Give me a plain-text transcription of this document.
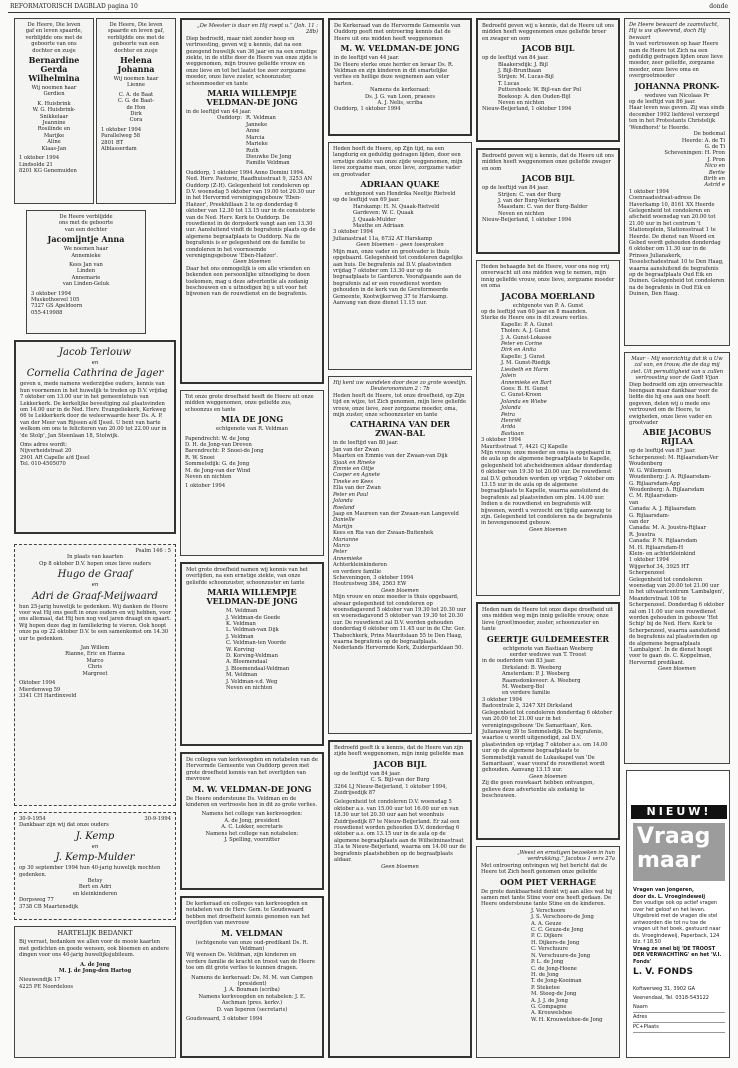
REFORMATORISCH DAGBLAD pagina 10	donde
De Heere, Die leven
gaf en leven spaarde,
verblijdde ons met de
geboorte van ons
dochter en zusje
Bernardine Gerda Wilhelmina
Wij noemen haar
Gerdien
K. Huisbrink
W. G. Huisbrink-
Snikkelaar
Jeannine
Rosilinde en
Marijke
Aline
Klaas-Jan
1 oktober 1994
Lindsolde 21
8201 KG Genemuiden
De Heere, Die leven
spaarde en leven gaf,
verblijdde ons met de
geboorte van een
dochter en zusje
Helena Johanna
Wij noemen haar
Lienne
C. A. de Baat
C. G. de Baat-
de Hon
Dirk
Cora
1 oktober 1994
Parallelweg 58
2801 BT
Alblasserdam
De Heere verblijdde
ons met de geboorte
van een dochter
Jacomijntje Anna
We noemen haar
Annemieke
Kees Jan van
Linden
Annemarie
van Linden-Geluk
3 oktober 1994
Muskothoevel 105
7327 GS Apeldoorn
055-419988
Jacob Terlouw
en
Cornelia Cathrina de Jager
geven u, mede namens wederzijdse ouders, kennis van hun voornemen in het huwelijk te treden op D.V. vrijdag 7 oktober om 13.00 uur in het gemeentehuis van Lekkerkerk. De kerkelijke bevestiging zal plaatsvinden om 14.00 uur in de Ned. Herv. Evangeliekerk, Kerkweg 66 te Lekkerkerk door de weleerwaarde heer Ds. A. P. van der Meer van Rijssen a/d IJssel. U bent van harte welkom om ons te feliciteren van 20.00 tot 22.00 uur in 'de Stolp', Jan Steenlaan 18, Stolwijk.
Oms adres wordt:
Nijverheidstraat 20
2901 AR Capelle a/d IJssel
Tel. 010-4505070
Psalm 146 : 5
In plaats van kaarten
Op 8 oktober D.V. hopen onze lieve ouders
Hugo de Graaf
en
Adri de Graaf-Meijwaard
hun 25-jarig huwelijk te gedenken. Wij danken de Heere voor wat Hij ons geeft in onze ouders en wij hebben, voor ons allemaal, dat Hij hen nog veel jaren draagt en spaart. Wij hopen deze dag in familiekring te vieren. Ook hoopt onze pa op 22 oktober D.V. te een samenkomst om 14.30 uur te gedenken.
Jan Willem
Rianne, Eric en Hanna
Marco
Chris
Margreet
Oktober 1994
Mierdenweg 59
3341 CH Hardinxveld
30-9-1954	30-9-1994
Dankbaar zijn wij dat onze ouders
J. Kemp
en
J. Kemp-Mulder
op 30 september 1994 hun 40-jarig huwelijk mochten gedenken.
Betsy
Bert en Adri
en kleinkinderen
Dorpsweg 77
3738 CB Maartensdijk
HARTELIJK BEDANKT
Bij verrast, bedanken we allen voor de mooie kaarten met gedichten en goede wensen, ook bloemen en andere dingen voor ons 40-jarig huwelijksjubileum.
A. de Jong
M. J. de Jong-den Hartog
Nieuwendijk 17
4225 PE Noordeloos
„De Meester is daar en Hij roept u.” (Joh. 11 : 28b)
Diep bedroefd, maar niet zonder hoop en vertroosting, geven wij u kennis, dat na een gezegend huwelijk van 36 jaar en na een ernstige ziekte, in de stilte door de Heere van onze zijde is weggenomen, mijn trouwe geliefde vrouw en onze lieve en tot het laatst toe zeer zorgzame moeder, onze lieve zuster, schoonzuster, schoonmoeder en tante
MARIA WILLEMPJE VELDMAN-DE JONG
in de leeftijd van 44 jaar.
Ouddorp: R. Veldman
Janneke
Anne
Marcia
Marieke
Ruth
Dieuwke De Jong
Familie Veldman
Ouddorp, 1 oktober 1994 Anno Domini 1994. Ned. Herv. Pastorie, Raadhuisstraat 9, 3253 AN Ouddorp (Z-H). Gelegenheid tot condoleren op D.V. woensdag 5 oktober van 19.00 tot 20.30 uur in het Hervormd verenigingsgebouw 'Eben-Haëzer', Preekhillaan 2 te op donderdag 6 oktober van 12.30 tot 13.15 uur in de consistorie van de Ned. Herv. Kerk te Ouddorp. De rouwdienst in de dorpskerk vangt aan om 13.30 uur. Aansluitend vindt de begrafenis plaats op de algemene begraafplaats te Ouddorp. Na de begrafenis is er gelegenheid om de familie te condoleren in het voornoemde verenigingsgebouw 'Eben-Haëzer'.
Geen bloemen
Daar het ons onmogelijk is om alle vrienden en bekenden een persoonlijke uitnodiging te doen toekomen, mag u deze advertentie als zodanig beschouwen en u uitnodigen bij u uit voor het bijwonen van de rouwdienst en de begrafenis.
Tot onze grote droefheid heeft de Heere uit onze midden weggenomen, onze geliefde zus, schoonzus en tante
MIA DE JONG
echtgenote van R. Veldman
Papendrecht: W. de Jong
D. H. de Jong-van Dreven
Barendrecht: P. Snoei-de Jong
R. W. Snoei
Sommelsdijk: G. de Jong
M. de Jong-van der Wind
Neven en nichten
1 oktober 1994
Met grote droefheid namen wij kennis van het overlijden, na een ernstige ziekte, van onze geliefde schoonzuster, schoonzuster en tante
MARIA WILLEMPJE VELDMAN-DE JONG
M. Veldman
J. Veldman-de Goede
K. Veldman
L. Veldman-van Dijk
J. Veldman
C. Veldman-ten Voorde
W. Korving
D. Korving-Veldman
A. Bloemendaal
J. Bloemendaal-Veldman
M. Veldman
J. Veldman-v.d. Weg
Neven en nichten
De colleges van kerkvoogden en notabelen van de Hervormde Gemeente van Ouddorp geven met grote droefheid kennis van het overlijden van mevrouw
M. W. VELDMAN-DE JONG
De Heere ondersteune Ds. Veldman en de kinderen en vertrooste hen in dit zo grote verlies.
Namens het college van kerkvoogden:
A. de Jong, president
A. C. Lokker, secretaris
Namens het college van notabelen:
J. Spelling, voorzitter
De kerkeraad en colleges van kerkvoogden en notabelen van de Herv. Gem. te Goudswaard hebben met droefheid kennis genomen van het overlijden van mevrouw
M. VELDMAN
(echtgenote van onze oud-predikant Ds. R. Veldman)
Wij wensen Ds. Veldman, zijn kinderen en verdere familie de kracht en troost van de Heere toe om dit grote verlies te kunnen dragen.
Namens de kerkeraad: Ds. M. M. van Campen (president)
J. A. Bouman (scriba)
Namens kerkvoogden en notabelen: J. E. Aschman (pres. kerkv.)
D. van Ieperen (secretaris)
Goudswaard, 3 oktober 1994
De Kerkeraad van de Hervormde Gemeente van Ouddorp geeft met ontroering kennis dat de Heere uit ons midden heeft weggenomen
M. W. VELDMAN-DE JONG
in de leeftijd van 44 jaar.
De Heere sterke onze herder en leraar Ds. R. Veldman en zijn kinderen in dit smartelijke verlies en heilige deze wegnemen aan veler harten.
Namens de kerkeraad:
Ds. J. G. van Loon, praeses
A. J. Nelis, scriba
Ouddorp, 1 oktober 1994
Heden heeft de Heere, op Zijn tijd, na een langdurig en geduldig gedragen lijden, door een ernstige ziekte van onze zijde weggenomen, mijn lieve zorgzame man, onze lieve, zorgzame vader en grootvader
ADRIAAN QUAKE
echtgenoot van Hendrika Neeltje Rietveld
op de leeftijd van 69 jaar.
Harskamp: H. N. Quaak-Rietveld
Gardeven: W. C. Quaak
J. Quaak-Mulder
Mauthe en Adriaan
3 oktober 1994
Julianastraat 11a, 6732 AT Harskamp
Geen bloemen – geen toespraken
Mijn man, onze vader en grootvader is thuis opgebaard. Gelegenheid tot condoleren dagelijks aan huis. De begrafenis zal D.V. plaatsvinden vrijdag 7 oktober om 13.30 uur op de begraafplaats te Garderen. Voorafgaande aan de begrafenis zal er een rouwdienst worden gehouden in de kerk van de Gereformeerde Gemeente, Kootwijkerweg 37 te Harskamp. Aanvang van deze dienst 11.15 uur.
Hij kent uw wandelen door deze zo grote woestijn. Deuteronomium 2 : 7b
Heden heeft de Heere, tot onze droefheid, op Zijn tijd en wijze, tot Zich genomen, mijn lieve geliefde vrouw, onze lieve, zeer zorgzame moeder, oma, mijn zuster, onze schoonzuster en tante
CATHARINA VAN DER ZWAN-BAL
in de leeftijd van 80 jaar.
Jan van der Zwan
Maarten en Emmie van der Zwaan-van Dijk
Sjaak en Rineke
Emmie en Ottje
Casper en Agnete
Tineke en Kees
Ella van der Zwan
Peter en Paul
Jolanda
Roeland
Jaap en Maureen van der Zwaan-van Langeveld
Danielle
Martijn
Kees en Ria van der Zwaan-Buitenhek
Marianne
Marco
Peter
Annemieke
Achterkleinkinderen
en verdere familie
Scheveningen, 3 oktober 1994
Houtrustweg 384, 2563 EW
Geen bloemen
Mijn vrouw en onze moeder is thuis opgebaard, alwaar gelegenheid tot condoleren op woensdagavond 5 oktober van 19.30 tot 20.30 uur en woensdagavond 5 oktober van 19.30 tot 20.30 uur. De rouwdienst zal D.V. worden gehouden donderdag 6 oktober om 11.45 uur in de Chr. Ger. Thabochkerk, Prins Mauritslaan 55 te Den Haag, waarna begrafenis op de begraafplaats. Nederlands Hervormde Kerk, Zuiderparklaan 50.
Bedroefd geeft ik u kennis, dat de Heere van zijn zijde heeft weggenomen, mijn innig geliefde man
JACOB BIJL
op de leeftijd van 84 jaar.
C. S. Bijl-van der Burg
3264 LJ Nieuw-Beijerland, 1 oktober 1994, Zuidrijsedijk 87
Gelegenheid tot condoleren D.V. woensdag 5 oktober a.s. van 15.00 uur tot 16.00 uur en van 18.30 uur tot 20.30 uur aan het woonhuis Zuidrijsedijk 87 te Nieuw-Beijerland. Er zal een rouwdienst worden gehouden D.V. donderdag 6 oktober a.s. om 13.15 uur in de aula op de algemene begraafplaats aan de Wilhelminastraat 31a te Nieuw-Beijerland, waarna om 14.00 uur de begrafenis plaatshebben op de begraafplaats aldaar.
Geen bloemen
Bedroefd geven wij u kennis, dat de Heere uit ons midden heeft weggenomen onze geliefde broer en zwager en oom
JACOB BIJL
op de leeftijd van 84 jaar.
Blaakersdijk: J. Bijl
J. Bijl-Brunthaan
Strijen: M. Lucas-Bijl
T. Lucas
Puttershoek: W. Bijl-van der Pol
Boekoop: A. den Ouden-Bijl
Neven en nichten
Nieuw-Beijerland, 1 oktober 1994
Bedroefd geven wij u kennis, dat de Heere uit ons midden heeft weggenomen onze geliefde zwager en oom
JACOB BIJL
op de leeftijd van 84 jaar.
Strijen: C. van der Burg
J. van der Burg-Verkerk
Maasdam: C. van der Burg-Balder
Neven en nichten
Nieuw-Beijerland, 1 oktober 1994
Heden behaagde het de Heere, voor ons nog vrij onverwacht uit ons midden weg te nemen, mijn innig geliefde vrouw, onze lieve, zorgzame moeder en oma
JACOBA MOERLAND
echtgenote van P. A. Gunst
op de leeftijd van 60 jaar en 8 maanden.
Sterke de Heere ons in dit zware verlies.
Kapelle: P. A. Gunst
Tholen: A. J. Gunst
J. A. Gunst-Lokasse
Peter en Corine
Dirk en Anita
Kapelle: J. Gunst
J. M. Gunst-Riedijk
Liesbeth en Harm
Jolein
Annemieke en Bart
Goes: B. H. Gunst
C. Gunst-Kroon
Jolanda en Wiebe
Jolanda
Petra
Henriët
Arida
Bastiaan
3 oktober 1994
Mauritsstraat 7, 4421 CJ Kapelle
Mijn vrouw, onze moeder en oma is opgebaard in de aula op de algemene begraafplaats te Kapelle, gelegenheid tot afscheidnemen aldaar donderdag 6 oktober van 19.30 tot 20.00 uur. De rouwdienst zal D.V. gehouden worden op vrijdag 7 oktober om 13.15 uur in de aula op de algemene begraafplaats te Kapelle, waarna aansluitend de begrafenis zal plaatsvinden om plm. 14.00 uur. Indien u de rouwdienst en begrafenis wilt bijwonen, wordt u verzocht om tijdig aanwezig te zijn. Gelegenheid tot condoleren na de begrafenis in bovengenoemd gebouw.
Geen bloemen
Heden nam de Heere tot onze diepe droefheid uit ons midden weg mijn innig geliefde vrouw, onze lieve (groot)moeder, zuster, schoonzuster en tante
GEERTJE GULDEMEESTER
echtgenote van Bastiaan Weeberg
eerder weduwe van T. Troost
in de ouderdom van 83 jaar.
Dirksland: B. Weeberg
Amsterdam: P. J. Weeberg
Raamsdonksveer: A. Weeberg
M. Weeberg-Bol
en verdere familie
3 oktober 1994
Badcentrale 2, 3247 XH Dirksland
Gelegenheid tot condoleren donderdag 6 oktober van 20.00 tot 21.00 uur in het verenigingsgebouw 'De Samaritaan', Ken. Julianaweg 39 te Sommelsdijk. De begrafenis, waartoe u wordt uitgenodigd, zal D.V. plaatsvinden op vrijdag 7 oktober a.s. om 14.00 uur op de algemene begraafplaats te Sommelsdijk vanuit de Lukaskapel van 'De Samaritaan', waar vooraf de rouwdienst wordt gehouden. Aanvang 13.15 uur.
Geen bloemen
Zij die geen rouwkaart hebben ontvangen, gelieve deze advertentie als zodanig te beschouwen.
„Weest en ernstigen bezoeken in hun verdrukking.” Jacobus 1 vers 27a
Met ontroering ontvingen wij het bericht dat de Heere tot Zich heeft genomen onze geliefde
OOM PIET VERHAGE
De grote dankbaarheid denkt wij aan alles wat hij samen met tante Stine voor ons heeft gedaan. De Heere ondersteune tante Stine en de kinderen.
J. Verschoore
J. S. Verschoore-de Jong
A. A. Geuze
C. C. Geuze-de Jong
P. C. Dijkers
H. Dijkers-de Jong
C. Verschuure
N. Verschuure-de Jong
P. L. de Jong
C. de Jong-Hoene
H. de Jong
T. de Jong-Kooiman
P. Steketee
M. Steeg-de Jong
A. J. J. de Jong
G. Compagne
A. Krouwelshoe
W. H. Krouwelshoe-de Jong
De Heere bewaart de zaamvlucht, Hij is uw afkeerend, doch Hij bewaart
In vast vertrouwen op haar Heere nam de Heere tot Zich na een geduldig gedragen lijden onze lieve moeder, zeer geliefde, zorgzame moeder, onze lieve oma en overgrootmoeder
JOHANNA PRONK-
weduwe van Nicolaas Pr
op de leeftijd van 86 jaar.
Haar leven was geven. Zij was sinds december 1992 liefdevol verzorgd ten in het Protestants Christelijk 'Wendhorst' te Heerde.
De bodemal
Heerde: A. de Ti
G. de Ti
Scheveningen: H. Pron
J. Pron
Nico en
Bertie
Birth en
Astrid e
1 oktober 1994
Coenraadsstraat-adress De Haverkamp 10, 8161 XX Heerde
Gelegenheid tot condoleren en afscheid woensdag van 20.00 tot 21.00 uur in het centrum 't Stationsplein, Stationsstraat 1 te Heerde. De dienst van Woord en Gebed wordt gehouden donderdag 6 oktober om 11.30 uur in de Prinses Julianakerk, Tesselschadestraat 10 te Den Haag, waarna aansluitend de begrafenis op de begraafplaats Oud Eik en Duinen. Gelegenheid tot condoleren na de begrafenis in Oud Eik en Duinen, Den Haag.
Maar – Mij voorzichtig dat ik u Uw zal van, en trouw, die de dag mij ziet. Uit pernuttigheid van u zullen vertroosting voor de Godt Vijan
Diep bedroefd om zijn onverwachte heengaan maar dankbaar voor de liefde die hij ons aan ons heeft gegeven, delen wij u mede ons vertrouwd om de Heere, te ewigheden, onze lieve vader en grootvader
ABIE JACOBUS RIJLAA
op de leeftijd van 87 jaar.
Scherpenzeel: M. Rijlaarsdam-Ver
Woudenberg
W. G. Willemsen
Woudenberg: J. A. Rijlaarsdam-
G. Rijlaarsdam-App
Woudenberg: A. Rijlaarsdam
C. M. Rijlaarsdam-
van
Canada: A. J. Rijlaarsdam
G. Rijlaarsdam-
van der
Canada: M. A. Joustra-Rijlaar
R. Joustra
Canada: P. N. Rijlaarsdam
M. H. Rijlaarsdam-H
Klein- en achterkleinkind
1 oktober 1994
Wijgerhof 34, 3925 HT Scherpenzeel
Gelegenheid tot condoleren woensdag van 20.00 tot 21.00 uur in het uitvaartcentrum 'Lambalgen', Meanderstraat 106 te Scherpenzeel. Donderdag 6 oktober zal om 11.00 uur een rouwdienst worden gehouden in gebouw 'Het Schip' bij de Ned. Herv. Kerk te Scherpenzeel, waarna aansluitend de begrafenis zal plaatsvinden op de algemene begraafplaats 'Lambalgen'. In de dienst hoopt voor te gaan ds. C. Koppelman, Hervormd predikant.
Geen bloemen
NIEUW!
Vraag maar
Vragen van jongeren,
door ds. L. Vroegindeweij
Een voudige ook op actief vragen over het geloof en het leven. Uitgebreid met de vragen die stel antwoorden die tot nu toe de vragen uit het boek, gestuurd naar ds. Vroegindeweij, Paperback, 124 blz. f 18,50
Vraag ze snel bij 'DE TROOST DER VERWACHTING' en het 'V.I. Fonds'
L. V. FONDS
Koftwerweg 31, 3902 GA Veenendaal, Tel. 0318-543122
Naam
Adres
PC+Plaats
